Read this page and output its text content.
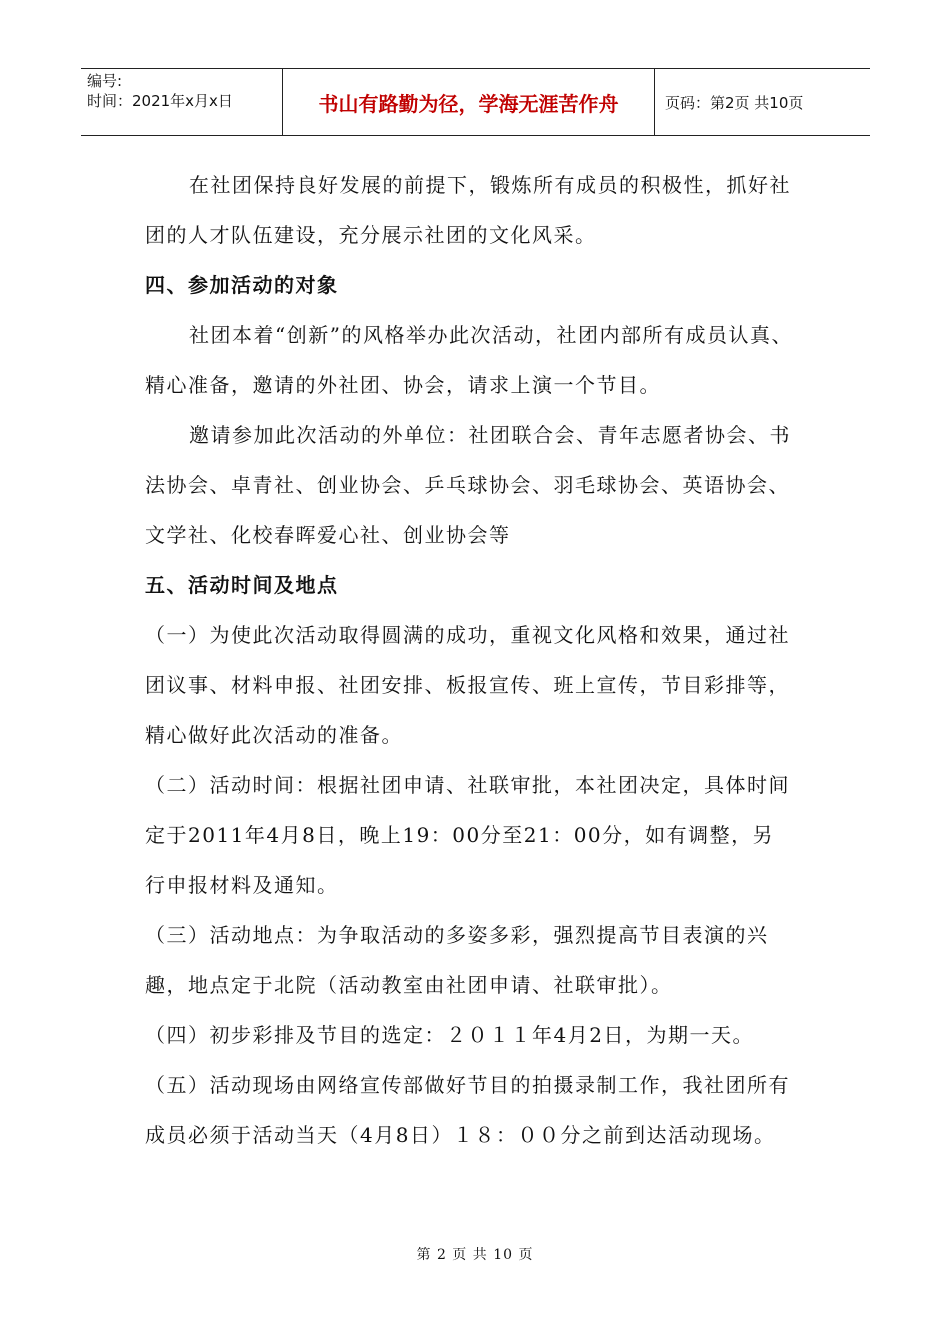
编号:
时间：2021年x月x日	书山有路勤为径，学海无涯苦作舟	页码：第2页 共10页

在社团保持良好发展的前提下，锻炼所有成员的积极性，抓好社团的人才队伍建设，充分展示社团的文化风采。

四、参加活动的对象

社团本着“创新”的风格举办此次活动，社团内部所有成员认真、精心准备，邀请的外社团、协会，请求上演一个节目。

邀请参加此次活动的外单位：社团联合会、青年志愿者协会、书法协会、卓青社、创业协会、乒乓球协会、羽毛球协会、英语协会、文学社、化校春晖爱心社、创业协会等

五、活动时间及地点

（一）为使此次活动取得圆满的成功，重视文化风格和效果，通过社团议事、材料申报、社团安排、板报宣传、班上宣传，节目彩排等，精心做好此次活动的准备。

（二）活动时间：根据社团申请、社联审批，本社团决定，具体时间定于2011年4月8日，晚上19：00分至21：00分，如有调整，另行申报材料及通知。

（三）活动地点：为争取活动的多姿多彩，强烈提高节目表演的兴趣，地点定于北院（活动教室由社团申请、社联审批）。

（四）初步彩排及节目的选定：２０１１年4月2日，为期一天。

（五）活动现场由网络宣传部做好节目的拍摄录制工作，我社团所有成员必须于活动当天（4月8日）１８：００分之前到达活动现场。

第 2 页 共 10 页
